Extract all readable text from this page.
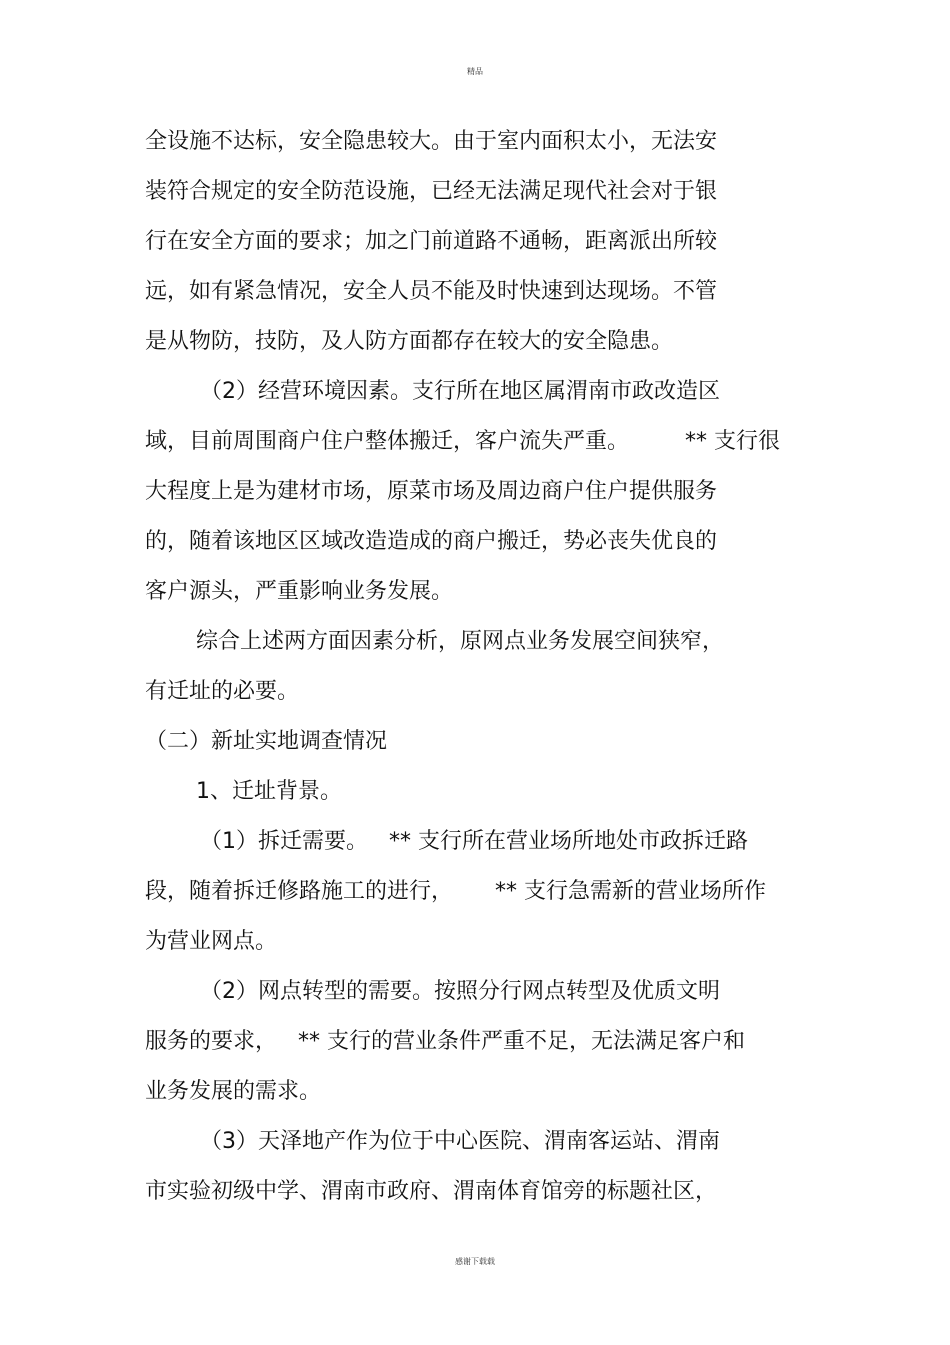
精品
全设施不达标，安全隐患较大。由于室内面积太小，无法安
装符合规定的安全防范设施，已经无法满足现代社会对于银
行在安全方面的要求；加之门前道路不通畅，距离派出所较
远，如有紧急情况，安全人员不能及时快速到达现场。不管
是从物防，技防，及人防方面都存在较大的安全隐患。
（2）经营环境因素。支行所在地区属渭南市政改造区
域，目前周围商户住户整体搬迁，客户流失严重。        ** 支行很
大程度上是为建材市场，原菜市场及周边商户住户提供服务
的，随着该地区区域改造造成的商户搬迁，势必丧失优良的
客户源头，严重影响业务发展。
综合上述两方面因素分析，原网点业务发展空间狭窄，
有迁址的必要。
（二）新址实地调查情况
1、迁址背景。
（1）拆迁需要。   ** 支行所在营业场所地处市政拆迁路
段，随着拆迁修路施工的进行，      ** 支行急需新的营业场所作
为营业网点。
（2）网点转型的需要。按照分行网点转型及优质文明
服务的要求，   ** 支行的营业条件严重不足，无法满足客户和
业务发展的需求。
（3）天泽地产作为位于中心医院、渭南客运站、渭南
市实验初级中学、渭南市政府、渭南体育馆旁的标题社区，
感谢下载载
